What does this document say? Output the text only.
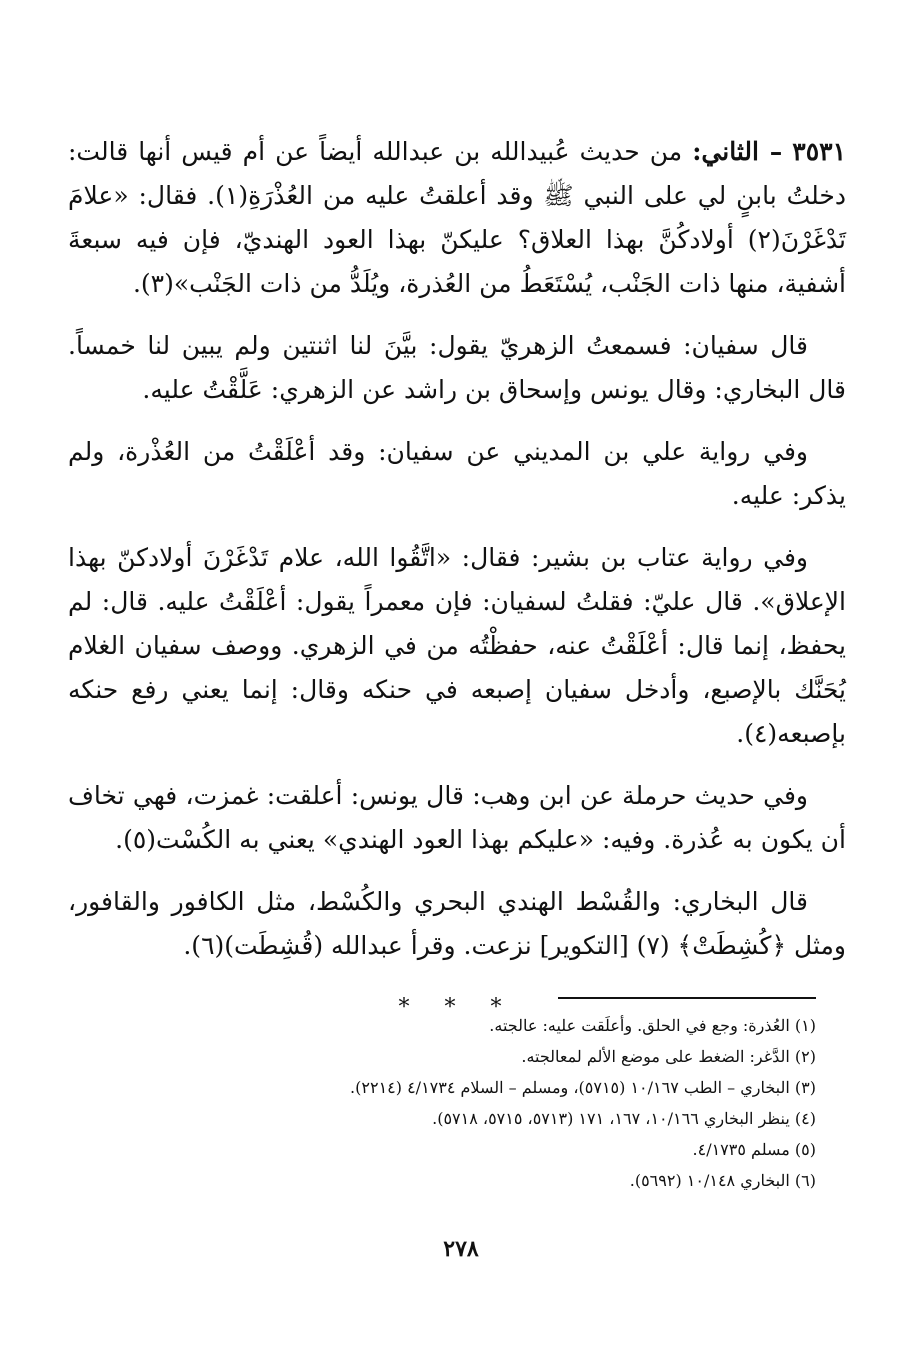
٣٥٣١ – الثاني: من حديث عُبيدالله بن عبدالله أيضاً عن أم قيس أنها قالت: دخلتُ بابنٍ لي على النبي ﷺ وقد أعلقتُ عليه من العُذْرَةِ(١). فقال: «علامَ تَدْغَرْنَ(٢) أولادكُنَّ بهذا العلاق؟ عليكنّ بهذا العود الهنديّ، فإن فيه سبعةَ أشفية، منها ذات الجَنْب، يُسْتَعَطُ من العُذرة، ويُلَدُّ من ذات الجَنْب»(٣).

قال سفيان: فسمعتُ الزهريّ يقول: بيَّنَ لنا اثنتين ولم يبين لنا خمساً. قال البخاري: وقال يونس وإسحاق بن راشد عن الزهري: عَلَّقْتُ عليه.

وفي رواية علي بن المديني عن سفيان: وقد أعْلَقْتُ من العُذْرة، ولم يذكر: عليه.

وفي رواية عتاب بن بشير: فقال: «اتَّقُوا الله، علام تَدْغَرْنَ أولادكنّ بهذا الإعلاق». قال عليّ: فقلتُ لسفيان: فإن معمراً يقول: أعْلَقْتُ عليه. قال: لم يحفظ، إنما قال: أعْلَقْتُ عنه، حفظْتُه من في الزهري. ووصف سفيان الغلام يُحَنَّك بالإصبع، وأدخل سفيان إصبعه في حنكه وقال: إنما يعني رفع حنكه بإصبعه(٤).

وفي حديث حرملة عن ابن وهب: قال يونس: أعلقت: غمزت، فهي تخاف أن يكون به عُذرة. وفيه: «عليكم بهذا العود الهندي» يعني به الكُسْت(٥).

قال البخاري: والقُسْط الهندي البحري والكُسْط، مثل الكافور والقافور، ومثل ﴿كُشِطَتْ﴾ (٧) [التكوير] نزعت. وقرأ عبدالله (قُشِطَت)(٦).

* * *

(١) العُذرة: وجع في الحلق. وأعلَقت عليه: عالجته.

(٢) الدَّغر: الضغط على موضع الألم لمعالجته.

(٣) البخاري – الطب ١٠/١٦٧ (٥٧١٥)، ومسلم – السلام ٤/١٧٣٤ (٢٢١٤).

(٤) ينظر البخاري ١٠/١٦٦، ١٦٧، ١٧١ (٥٧١٣، ٥٧١٥، ٥٧١٨).

(٥) مسلم ٤/١٧٣٥.

(٦) البخاري ١٠/١٤٨ (٥٦٩٢).

٢٧٨
